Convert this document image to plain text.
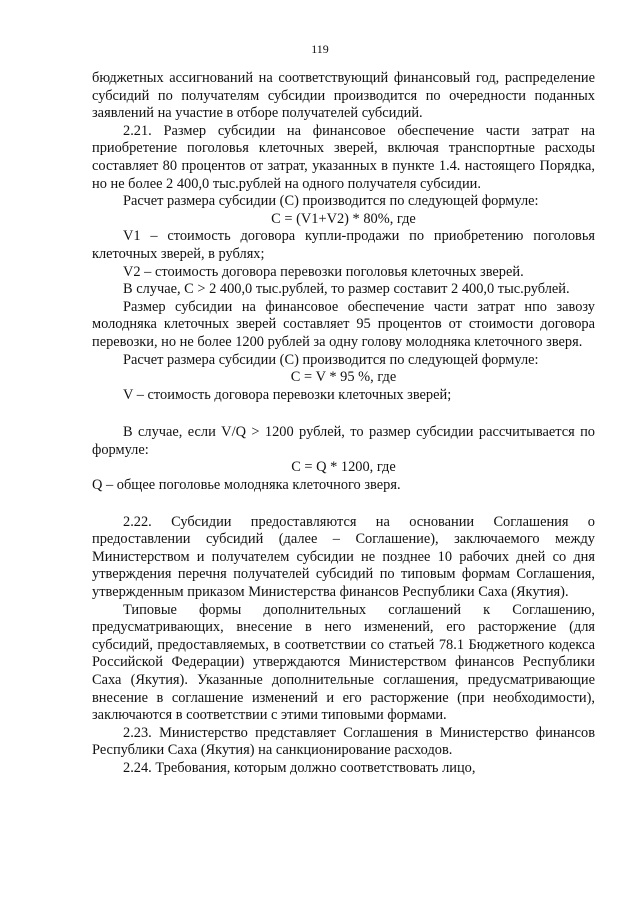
119

бюджетных ассигнований на соответствующий финансовый год, распределение субсидий по получателям субсидии производится по очередности поданных заявлений на участие в отборе получателей субсидий.

2.21. Размер субсидии на финансовое обеспечение части затрат на приобретение поголовья клеточных зверей, включая транспортные расходы составляет 80 процентов от затрат, указанных в пункте 1.4. настоящего Порядка, но не более 2 400,0 тыс.рублей на одного получателя субсидии.

Расчет размера субсидии (С) производится по следующей формуле:

С = (V1+V2) * 80%, где

V1 – стоимость договора купли-продажи по приобретению поголовья клеточных зверей, в рублях;

V2 – стоимость договора перевозки поголовья клеточных зверей.

В случае, С > 2 400,0 тыс.рублей, то размер составит 2 400,0 тыс.рублей.

Размер субсидии на финансовое обеспечение части затрат нпо завозу молодняка клеточных зверей составляет 95 процентов от стоимости договора перевозки, но не более 1200 рублей за одну голову молодняка клеточного зверя.

Расчет размера субсидии (С) производится по следующей формуле:

С = V * 95 %, где

V – стоимость договора перевозки клеточных зверей;

В случае, если V/Q > 1200 рублей, то размер субсидии рассчитывается по формуле:

С = Q * 1200, где

Q – общее поголовье молодняка клеточного зверя.

2.22. Субсидии предоставляются на основании Соглашения о предоставлении субсидий (далее – Соглашение), заключаемого между Министерством и получателем субсидии не позднее 10 рабочих дней со дня утверждения перечня получателей субсидий по типовым формам Соглашения, утвержденным приказом Министерства финансов Республики Саха (Якутия).

Типовые формы дополнительных соглашений к Соглашению, предусматривающих, внесение в него изменений, его расторжение (для субсидий, предоставляемых, в соответствии со статьей 78.1 Бюджетного кодекса Российской Федерации) утверждаются Министерством финансов Республики Саха (Якутия). Указанные дополнительные соглашения, предусматривающие внесение в соглашение изменений и его расторжение (при необходимости), заключаются в соответствии с этими типовыми формами.

2.23. Министерство представляет Соглашения в Министерство финансов Республики Саха (Якутия) на санкционирование расходов.

2.24. Требования, которым должно соответствовать лицо,
